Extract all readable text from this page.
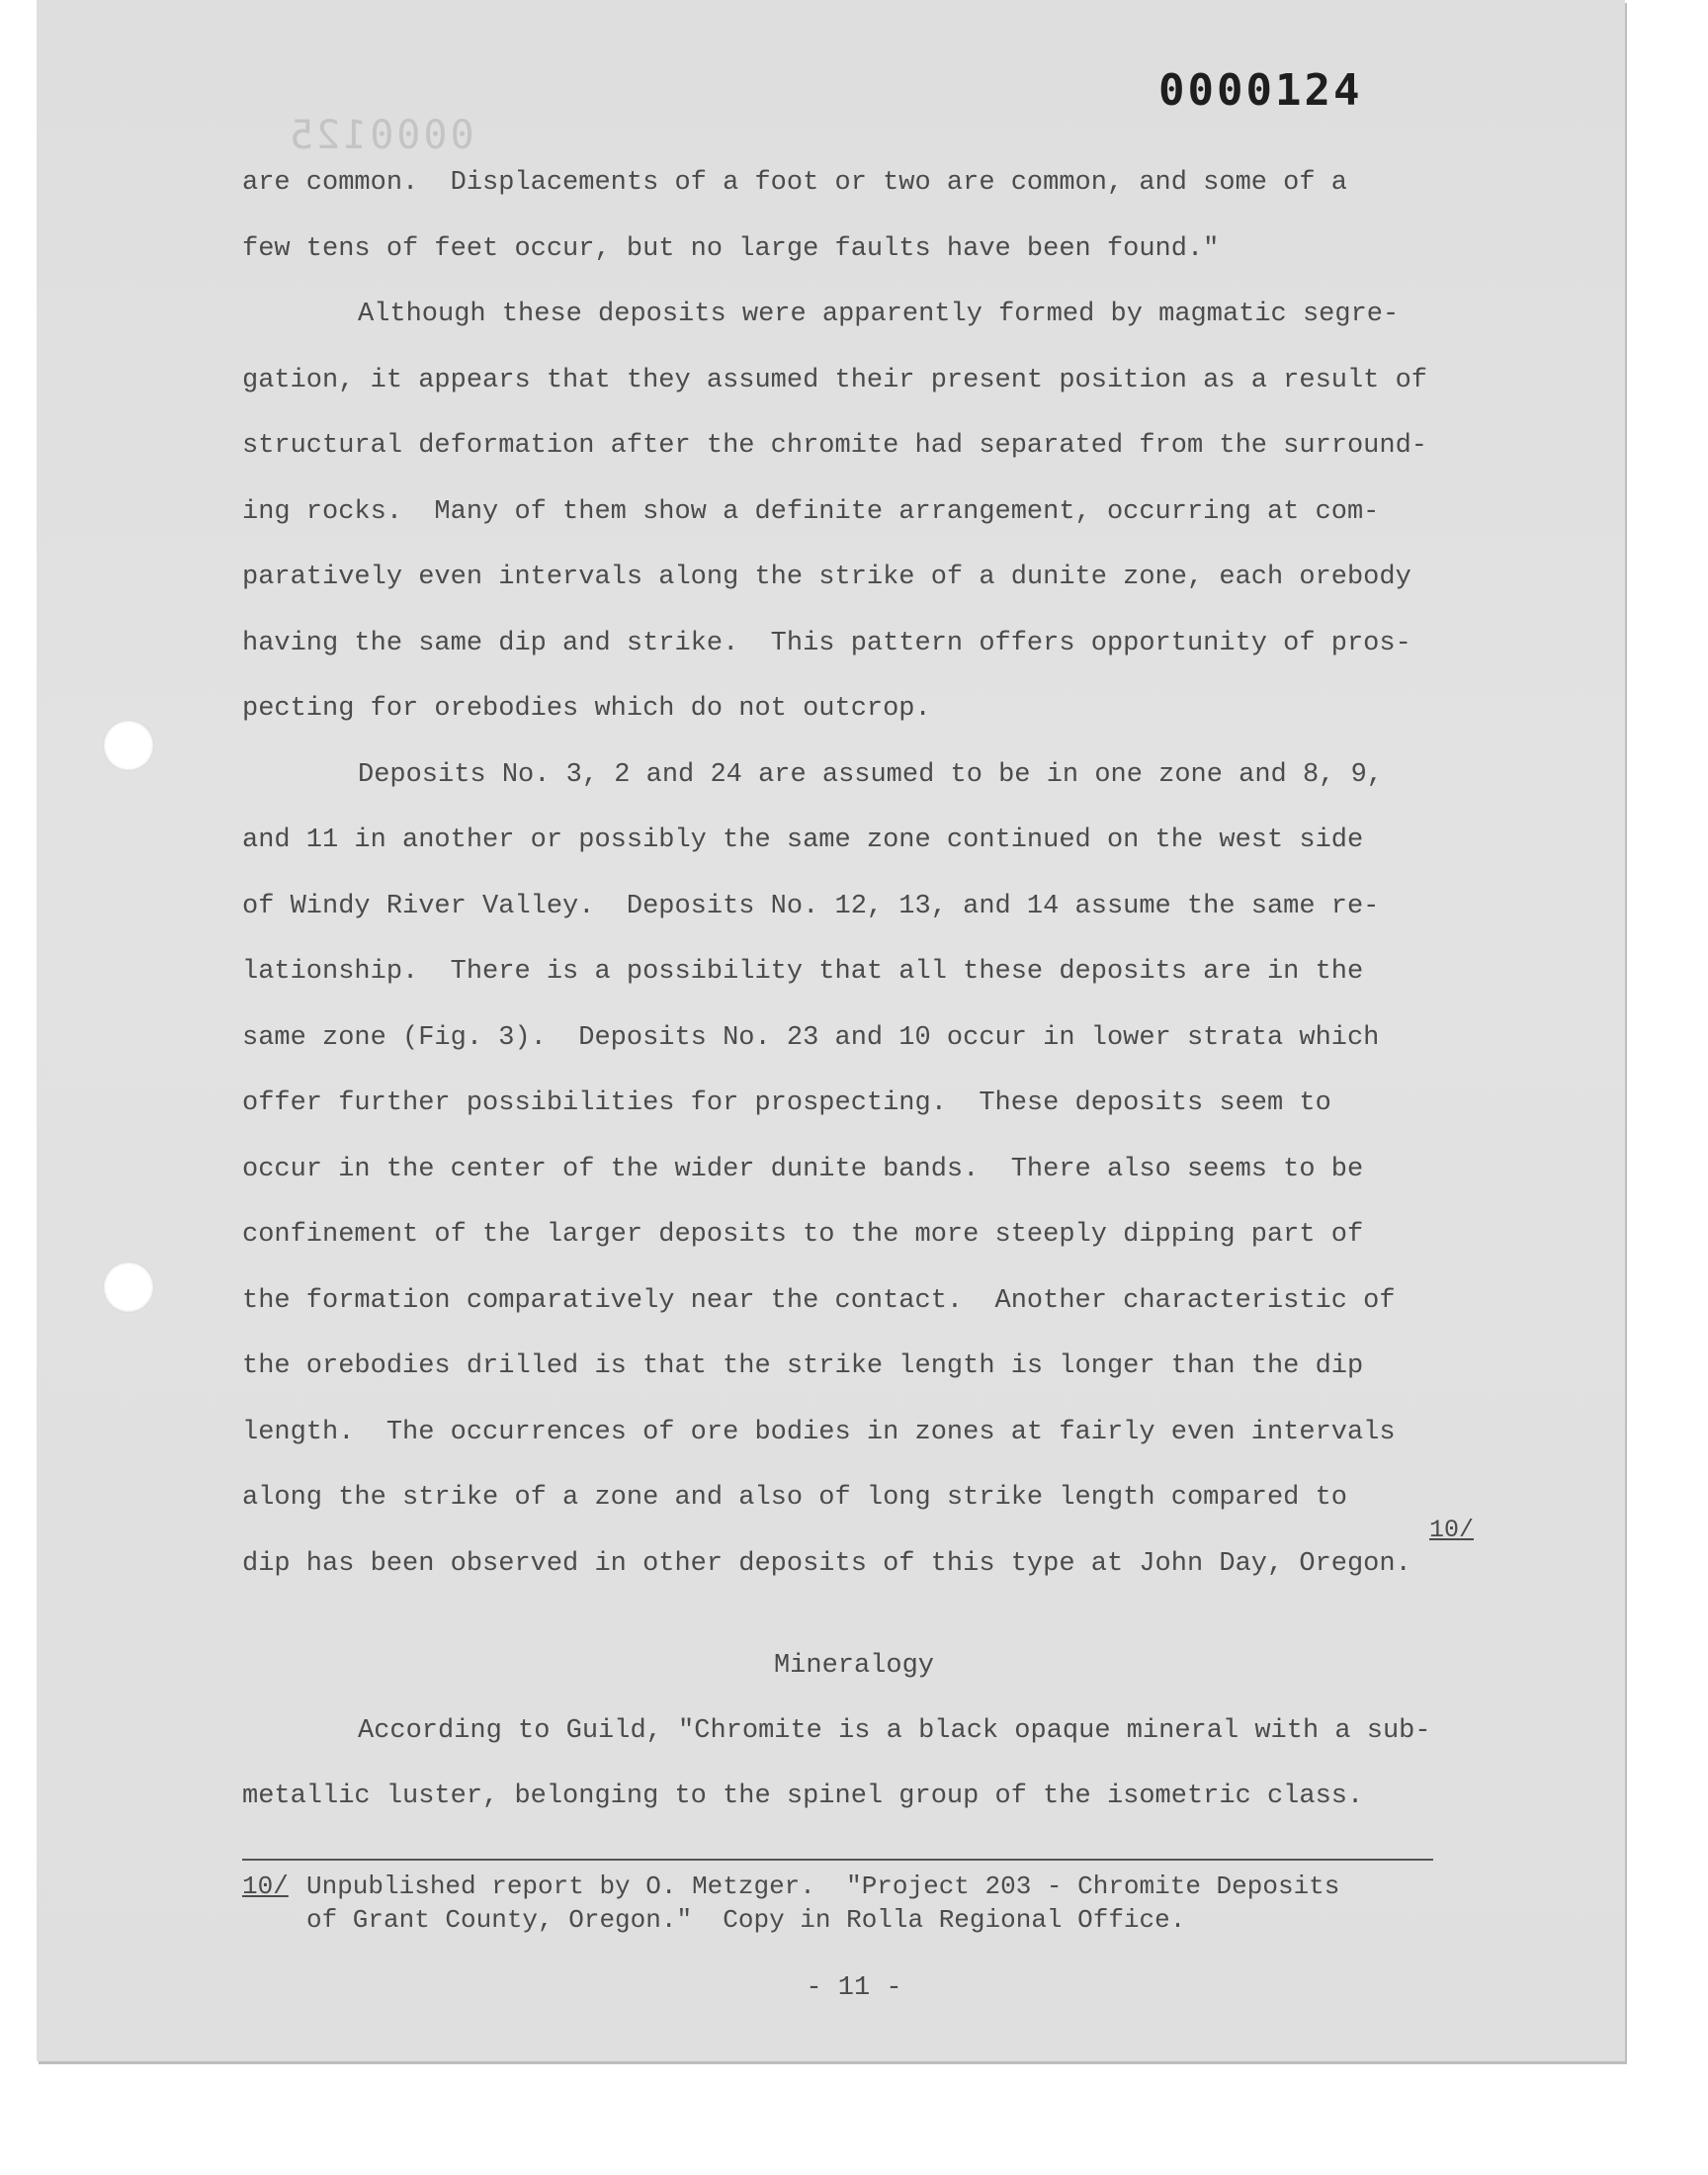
0000124
0000125
are common.  Displacements of a foot or two are common, and some of a
few tens of feet occur, but no large faults have been found."
Although these deposits were apparently formed by magmatic segre-
gation, it appears that they assumed their present position as a result of
structural deformation after the chromite had separated from the surround-
ing rocks.  Many of them show a definite arrangement, occurring at com-
paratively even intervals along the strike of a dunite zone, each orebody
having the same dip and strike.  This pattern offers opportunity of pros-
pecting for orebodies which do not outcrop.
Deposits No. 3, 2 and 24 are assumed to be in one zone and 8, 9,
and 11 in another or possibly the same zone continued on the west side
of Windy River Valley.  Deposits No. 12, 13, and 14 assume the same re-
lationship.  There is a possibility that all these deposits are in the
same zone (Fig. 3).  Deposits No. 23 and 10 occur in lower strata which
offer further possibilities for prospecting.  These deposits seem to
occur in the center of the wider dunite bands.  There also seems to be
confinement of the larger deposits to the more steeply dipping part of
the formation comparatively near the contact.  Another characteristic of
the orebodies drilled is that the strike length is longer than the dip
length.  The occurrences of ore bodies in zones at fairly even intervals
along the strike of a zone and also of long strike length compared to
dip has been observed in other deposits of this type at John Day, Oregon.
10/
Mineralogy
According to Guild, "Chromite is a black opaque mineral with a sub-
metallic luster, belonging to the spinel group of the isometric class.
10/ Unpublished report by O. Metzger.  "Project 203 - Chromite Deposits
of Grant County, Oregon."  Copy in Rolla Regional Office.
- 11 -
